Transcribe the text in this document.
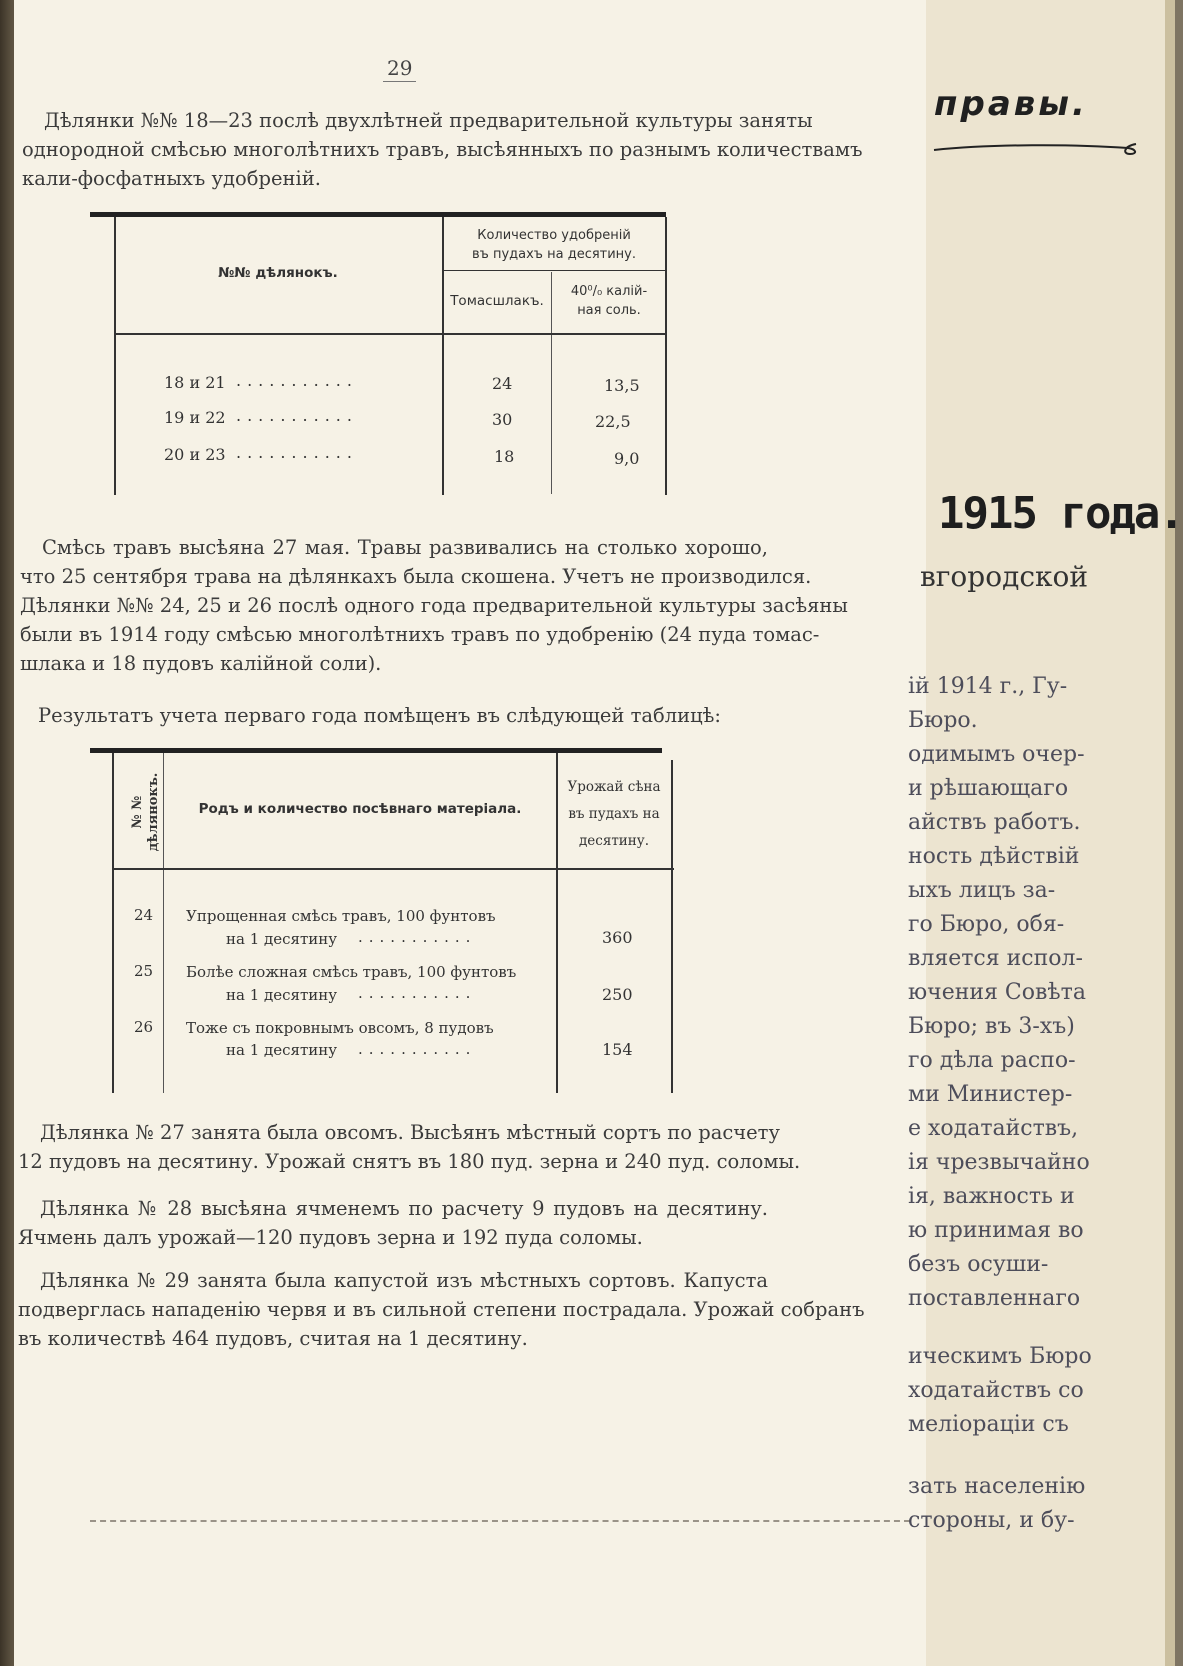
29
Дѣлянки №№ 18—23 послѣ двухлѣтней предварительной культуры заняты
однородной смѣсью многолѣтнихъ травъ, высѣянныхъ по разнымъ количествамъ
кали-фосфатныхъ удобреній.
№№ дѣлянокъ.
Количество удобреній
въ пудахъ на десятину.
Томасшлакъ.
40⁰/₀ калій-
ная соль.
18 и 21 ...........	24	13,5
19 и 22 ...........	30	22,5
20 и 23 ...........	18	9,0
Смѣсь травъ высѣяна 27 мая. Травы развивались на столько хорошо,
что 25 сентября трава на дѣлянкахъ была скошена. Учетъ не производился.
Дѣлянки №№ 24, 25 и 26 послѣ одного года предварительной культуры засѣяны
были въ 1914 году смѣсью многолѣтнихъ травъ по удобренію (24 пуда томас-
шлака и 18 пудовъ калійной соли).
Результатъ учета перваго года помѣщенъ въ слѣдующей таблицѣ:
№ № дѣлянокъ.	Родъ и количество посѣвнаго матеріала.
Урожай сѣна
въ пудахъ на
десятину.
24 Упрощенная смѣсь травъ, 100 фунтовъ
на 1 десятину ...........	360
25 Болѣе сложная смѣсь травъ, 100 фунтовъ
на 1 десятину ...........	250
26 Тоже съ покровнымъ овсомъ, 8 пудовъ
на 1 десятину ...........	154
Дѣлянка № 27 занята была овсомъ. Высѣянъ мѣстный сортъ по расчету
12 пудовъ на десятину. Урожай снятъ въ 180 пуд. зерна и 240 пуд. соломы.
Дѣлянка № 28 высѣяна ячменемъ по расчету 9 пудовъ на десятину.
Ячмень далъ урожай—120 пудовъ зерна и 192 пуда соломы.
Дѣлянка № 29 занята была капустой изъ мѣстныхъ сортовъ. Капуста
подверглась нападенію червя и въ сильной степени пострадала. Урожай собранъ
въ количествѣ 464 пудовъ, считая на 1 десятину.
правы.
1915 года.
вгородской
ій 1914 г., Гу-
Бюро.
одимымъ очер-
и рѣшающаго
айствъ работъ.
ность дѣйствій
ыхъ лицъ за-
го Бюро, обя-
вляется испол-
ючения Совѣта
Бюро; въ 3-хъ)
го дѣла распо-
ми Министер-
е ходатайствъ,
ія чрезвычайно
ія, важность и
ю принимая во
безъ осуши-
поставленнаго
ическимъ Бюро
ходатайствъ со
мелiорацiи съ
зать населенію
стороны, и бу-
